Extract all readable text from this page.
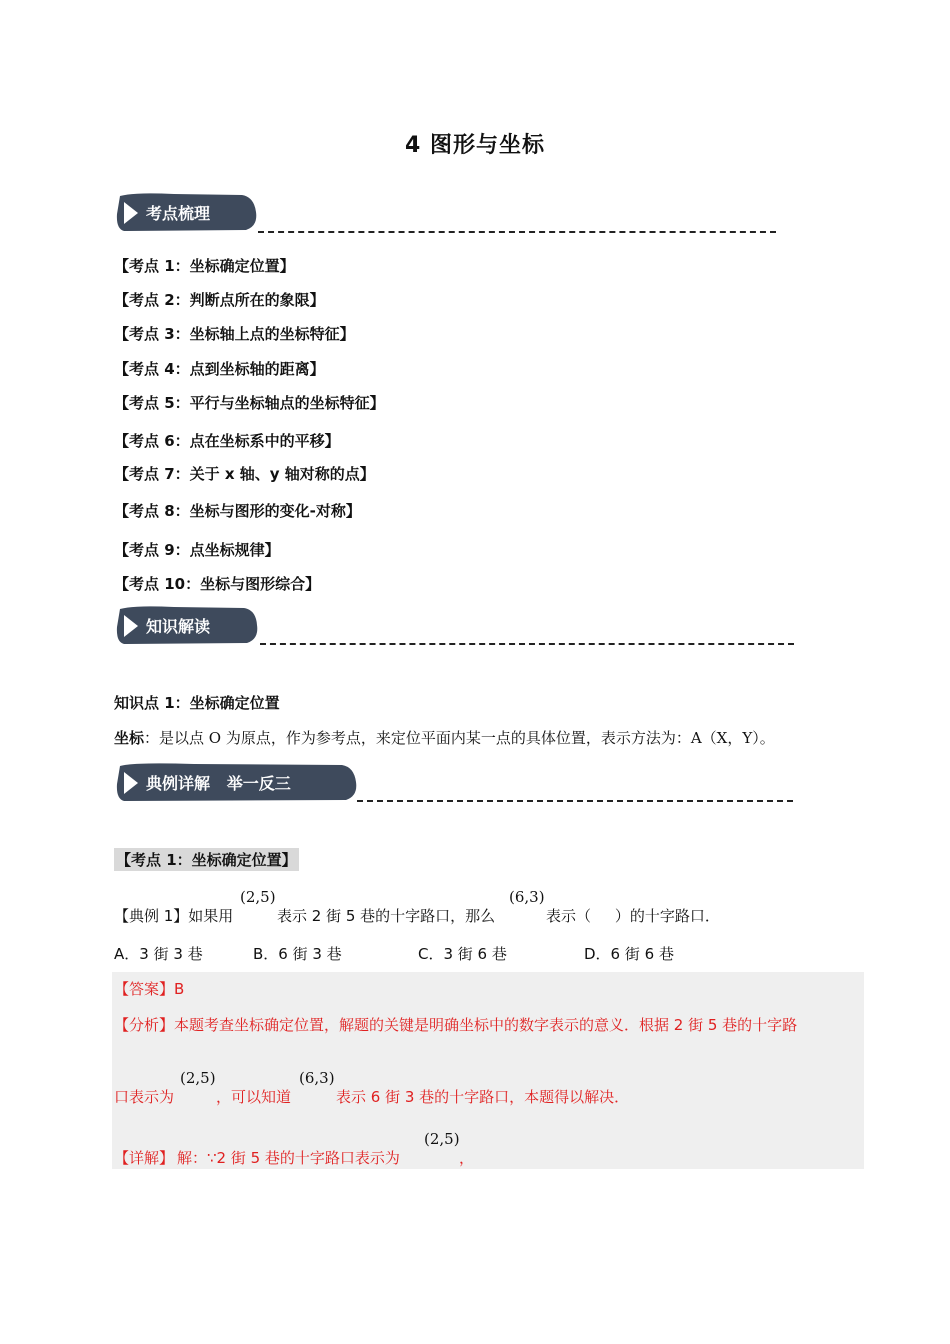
4 图形与坐标
考点梳理
【考点 1：坐标确定位置】
【考点 2：判断点所在的象限】
【考点 3：坐标轴上点的坐标特征】
【考点 4：点到坐标轴的距离】
【考点 5：平行与坐标轴点的坐标特征】
【考点 6：点在坐标系中的平移】
【考点 7：关于 x 轴、y 轴对称的点】
【考点 8：坐标与图形的变化-对称】
【考点 9：点坐标规律】
【考点 10：坐标与图形综合】
知识解读
知识点 1：坐标确定位置
坐标：是以点 O 为原点，作为参考点，来定位平面内某一点的具体位置，表示方法为：A（X，Y）。
典例详解   举一反三
【考点 1：坐标确定位置】
【典例 1】如果用
(2,5)
表示 2 街 5 巷的十字路口，那么
(6,3)
表示（     ）的十字路口．
A．3 街 3 巷	B．6 街 3 巷	C．3 街 6 巷	D．6 街 6 巷
【答案】B
【分析】本题考查坐标确定位置，解题的关键是明确坐标中的数字表示的意义．根据 2 街 5 巷的十字路
口表示为
(2,5)
，可以知道
(6,3)
表示 6 街 3 巷的十字路口，本题得以解决．
【详解】 解：∵2 街 5 巷的十字路口表示为
(2,5)
，
